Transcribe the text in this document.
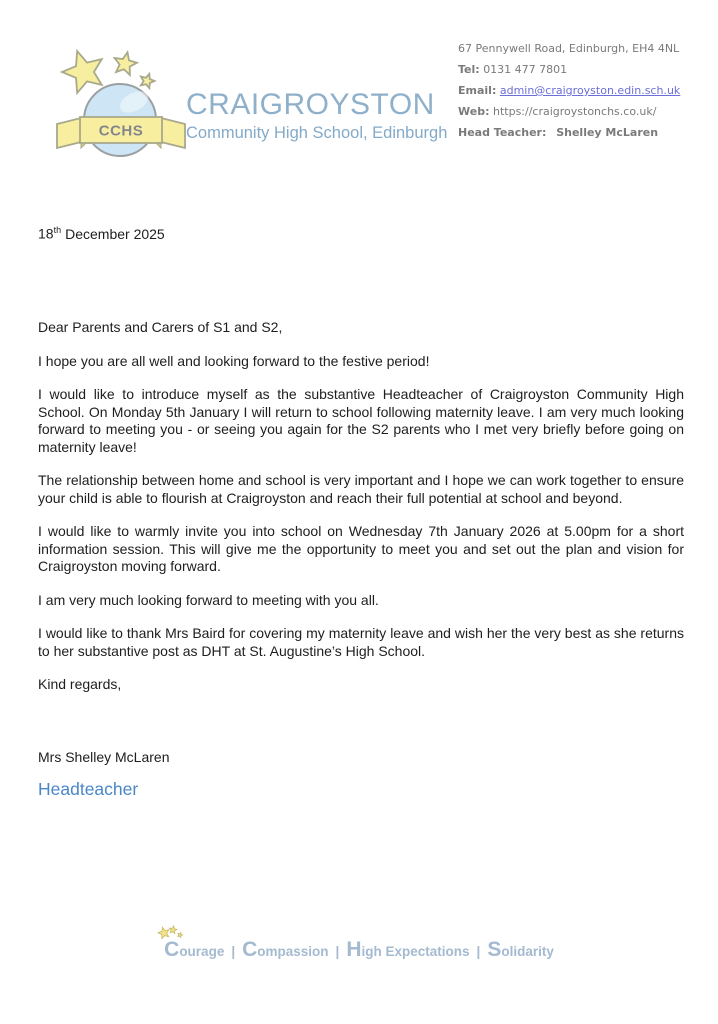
CCHS
CRAIGROYSTON
Community High School, Edinburgh
67 Pennywell Road, Edinburgh, EH4 4NL
Tel: 0131 477 7801
Email: admin@craigroyston.edin.sch.uk
Web: https://craigroystonchs.co.uk/
Head Teacher: Shelley McLaren

18th December 2025

Dear Parents and Carers of S1 and S2,

I hope you are all well and looking forward to the festive period!

I would like to introduce myself as the substantive Headteacher of Craigroyston Community High School. On Monday 5th January I will return to school following maternity leave. I am very much looking forward to meeting you - or seeing you again for the S2 parents who I met very briefly before going on maternity leave!

The relationship between home and school is very important and I hope we can work together to ensure your child is able to flourish at Craigroyston and reach their full potential at school and beyond.

I would like to warmly invite you into school on Wednesday 7th January 2026 at 5.00pm for a short information session. This will give me the opportunity to meet you and set out the plan and vision for Craigroyston moving forward.

I am very much looking forward to meeting with you all.

I would like to thank Mrs Baird for covering my maternity leave and wish her the very best as she returns to her substantive post as DHT at St. Augustine’s High School.

Kind regards,

Mrs Shelley McLaren

Headteacher

Courage | Compassion | High Expectations | Solidarity
